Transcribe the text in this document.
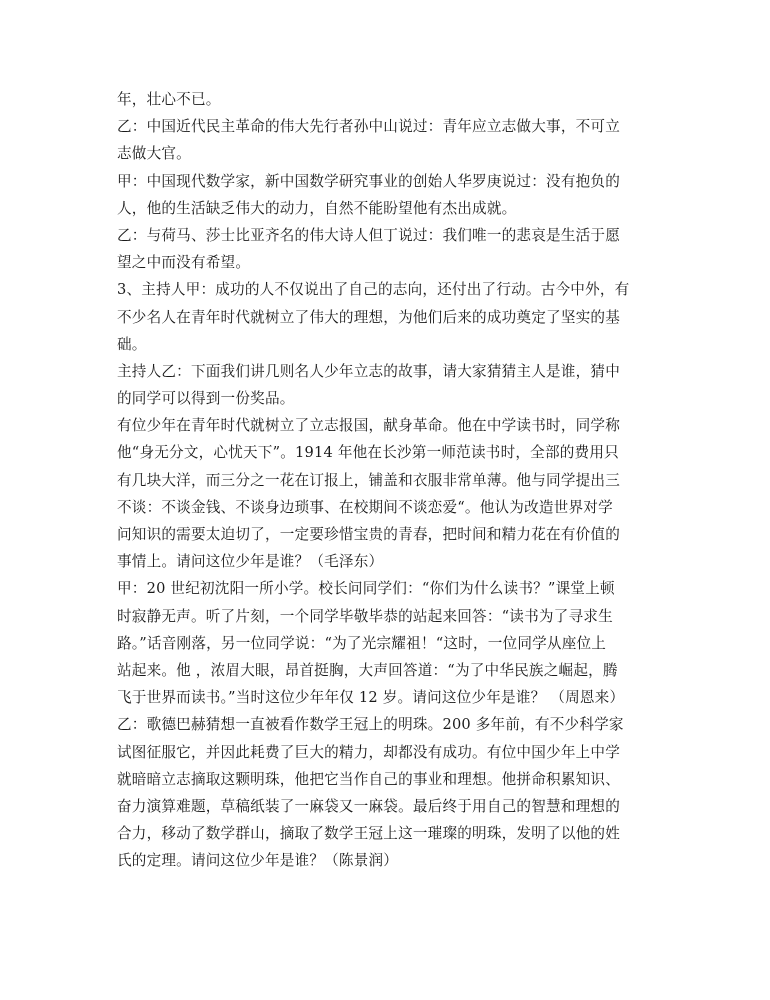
年，壮心不已。
乙：中国近代民主革命的伟大先行者孙中山说过：青年应立志做大事，不可立
志做大官。
甲：中国现代数学家，新中国数学研究事业的创始人华罗庚说过：没有抱负的
人，他的生活缺乏伟大的动力，自然不能盼望他有杰出成就。
乙：与荷马、莎士比亚齐名的伟大诗人但丁说过：我们唯一的悲哀是生活于愿
望之中而没有希望。
3、主持人甲：成功的人不仅说出了自己的志向，还付出了行动。古今中外，有
不少名人在青年时代就树立了伟大的理想，为他们后来的成功奠定了坚实的基
础。
主持人乙：下面我们讲几则名人少年立志的故事，请大家猜猜主人是谁，猜中
的同学可以得到一份奖品。
有位少年在青年时代就树立了立志报国，献身革命。他在中学读书时，同学称
他“身无分文，心忧天下”。1914 年他在长沙第一师范读书时，全部的费用只
有几块大洋，而三分之一花在订报上，铺盖和衣服非常单薄。他与同学提出三
不谈：不谈金钱、不谈身边琐事、在校期间不谈恋爱“。他认为改造世界对学
问知识的需要太迫切了，一定要珍惜宝贵的青春，把时间和精力花在有价值的
事情上。请问这位少年是谁？（毛泽东）
甲：20 世纪初沈阳一所小学。校长问同学们：“你们为什么读书？”课堂上顿
时寂静无声。听了片刻，一个同学毕敬毕恭的站起来回答：“读书为了寻求生
路。”话音刚落，另一位同学说：“为了光宗耀祖！“这时，一位同学从座位上
站起来。他 ，浓眉大眼，昂首挺胸，大声回答道：“为了中华民族之崛起，腾
飞于世界而读书。”当时这位少年年仅 12 岁。请问这位少年是谁？ （周恩来）
乙：歌德巴赫猜想一直被看作数学王冠上的明珠。200 多年前，有不少科学家
试图征服它，并因此耗费了巨大的精力，却都没有成功。有位中国少年上中学
就暗暗立志摘取这颗明珠，他把它当作自己的事业和理想。他拼命积累知识、
奋力演算难题，草稿纸装了一麻袋又一麻袋。最后终于用自己的智慧和理想的
合力，移动了数学群山，摘取了数学王冠上这一璀璨的明珠，发明了以他的姓
氏的定理。请问这位少年是谁？（陈景润）
